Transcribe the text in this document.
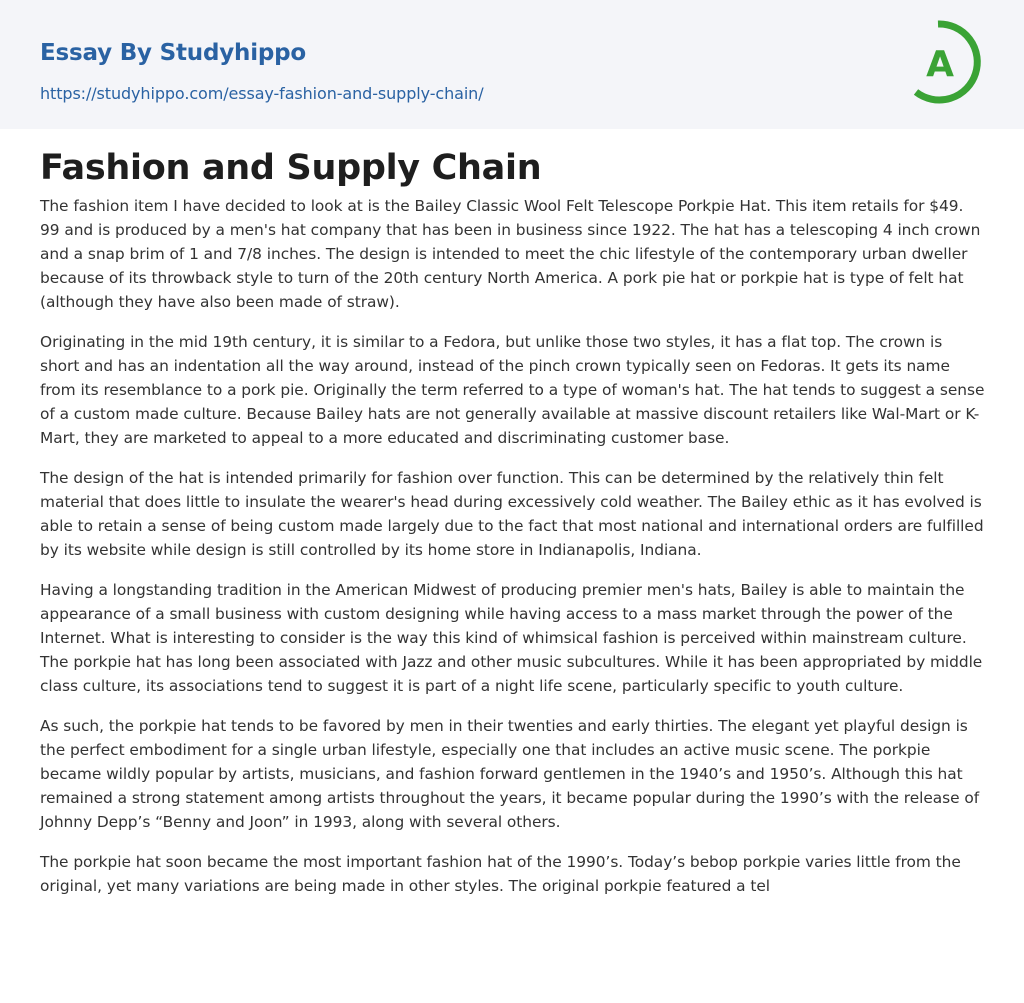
Essay By Studyhippo
https://studyhippo.com/essay-fashion-and-supply-chain/
A
Fashion and Supply Chain

The fashion item I have decided to look at is the Bailey Classic Wool Felt Telescope Porkpie Hat. This item retails for $49. 99 and is produced by a men's hat company that has been in business since 1922. The hat has a telescoping 4 inch crown and a snap brim of 1 and 7/8 inches. The design is intended to meet the chic lifestyle of the contemporary urban dweller because of its throwback style to turn of the 20th century North America. A pork pie hat or porkpie hat is type of felt hat (although they have also been made of straw).

Originating in the mid 19th century, it is similar to a Fedora, but unlike those two styles, it has a flat top. The crown is short and has an indentation all the way around, instead of the pinch crown typically seen on Fedoras. It gets its name from its resemblance to a pork pie. Originally the term referred to a type of woman's hat. The hat tends to suggest a sense of a custom made culture. Because Bailey hats are not generally available at massive discount retailers like Wal-Mart or K-Mart, they are marketed to appeal to a more educated and discriminating customer base.

The design of the hat is intended primarily for fashion over function. This can be determined by the relatively thin felt material that does little to insulate the wearer's head during excessively cold weather. The Bailey ethic as it has evolved is able to retain a sense of being custom made largely due to the fact that most national and international orders are fulfilled by its website while design is still controlled by its home store in Indianapolis, Indiana.

Having a longstanding tradition in the American Midwest of producing premier men's hats, Bailey is able to maintain the appearance of a small business with custom designing while having access to a mass market through the power of the Internet. What is interesting to consider is the way this kind of whimsical fashion is perceived within mainstream culture. The porkpie hat has long been associated with Jazz and other music subcultures. While it has been appropriated by middle class culture, its associations tend to suggest it is part of a night life scene, particularly specific to youth culture.

As such, the porkpie hat tends to be favored by men in their twenties and early thirties. The elegant yet playful design is the perfect embodiment for a single urban lifestyle, especially one that includes an active music scene. The porkpie became wildly popular by artists, musicians, and fashion forward gentlemen in the 1940’s and 1950’s. Although this hat remained a strong statement among artists throughout the years, it became popular during the 1990’s with the release of Johnny Depp’s “Benny and Joon” in 1993, along with several others.

The porkpie hat soon became the most important fashion hat of the 1990’s. Today’s bebop porkpie varies little from the original, yet many variations are being made in other styles. The original porkpie featured a tel
